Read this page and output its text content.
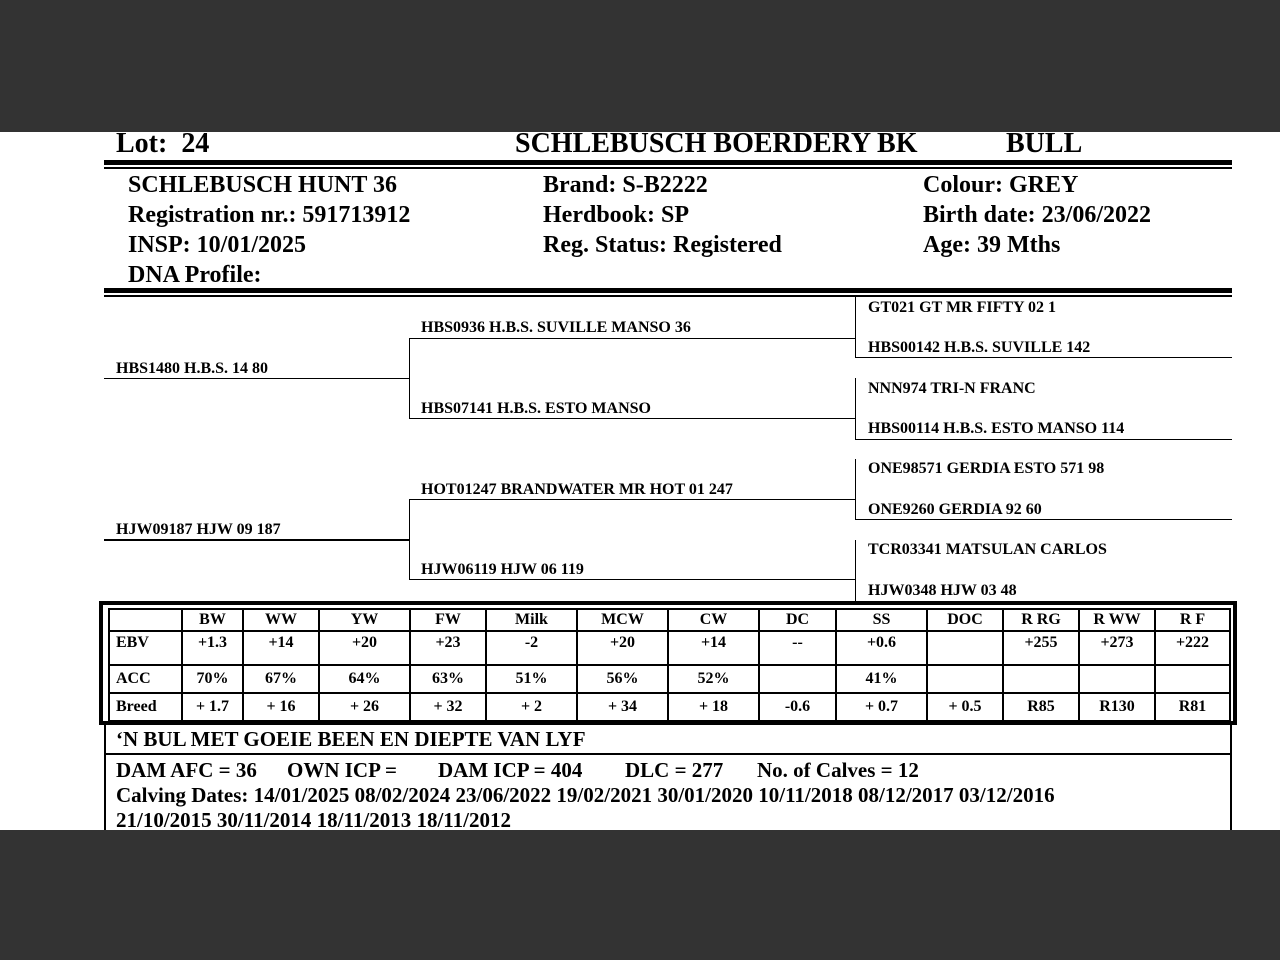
Lot: 24	SCHLEBUSCH BOERDERY BK	BULL
SCHLEBUSCH HUNT 36
Registration nr.: 591713912
INSP: 10/01/2025
DNA Profile:
Brand: S-B2222
Herdbook: SP
Reg. Status: Registered
Colour: GREY
Birth date: 23/06/2022
Age: 39 Mths
HBS1480 H.B.S. 14 80
HJW09187 HJW 09 187
HBS0936 H.B.S. SUVILLE MANSO 36
HBS07141 H.B.S. ESTO MANSO
HOT01247 BRANDWATER MR HOT 01 247
HJW06119 HJW 06 119
GT021 GT MR FIFTY 02 1
HBS00142 H.B.S. SUVILLE 142
NNN974 TRI-N FRANC
HBS00114 H.B.S. ESTO MANSO 114
ONE98571 GERDIA ESTO 571 98
ONE9260 GERDIA 92 60
TCR03341 MATSULAN CARLOS
HJW0348 HJW 03 48
	BW	WW	YW	FW	Milk	MCW	CW	DC	SS	DOC	R RG	R WW	R F
EBV	+1.3	+14	+20	+23	-2	+20	+14	--	+0.6		+255	+273	+222
ACC	70%	67%	64%	63%	51%	56%	52%		41%				
Breed	+ 1.7	+ 16	+ 26	+ 32	+ 2	+ 34	+ 18	-0.6	+ 0.7	+ 0.5	R85	R130	R81
‘N BUL MET GOEIE BEEN EN DIEPTE VAN LYF
DAM AFC = 36 OWN ICP = DAM ICP = 404 DLC = 277 No. of Calves = 12
Calving Dates: 14/01/2025 08/02/2024 23/06/2022 19/02/2021 30/01/2020 10/11/2018 08/12/2017 03/12/2016
21/10/2015 30/11/2014 18/11/2013 18/11/2012
